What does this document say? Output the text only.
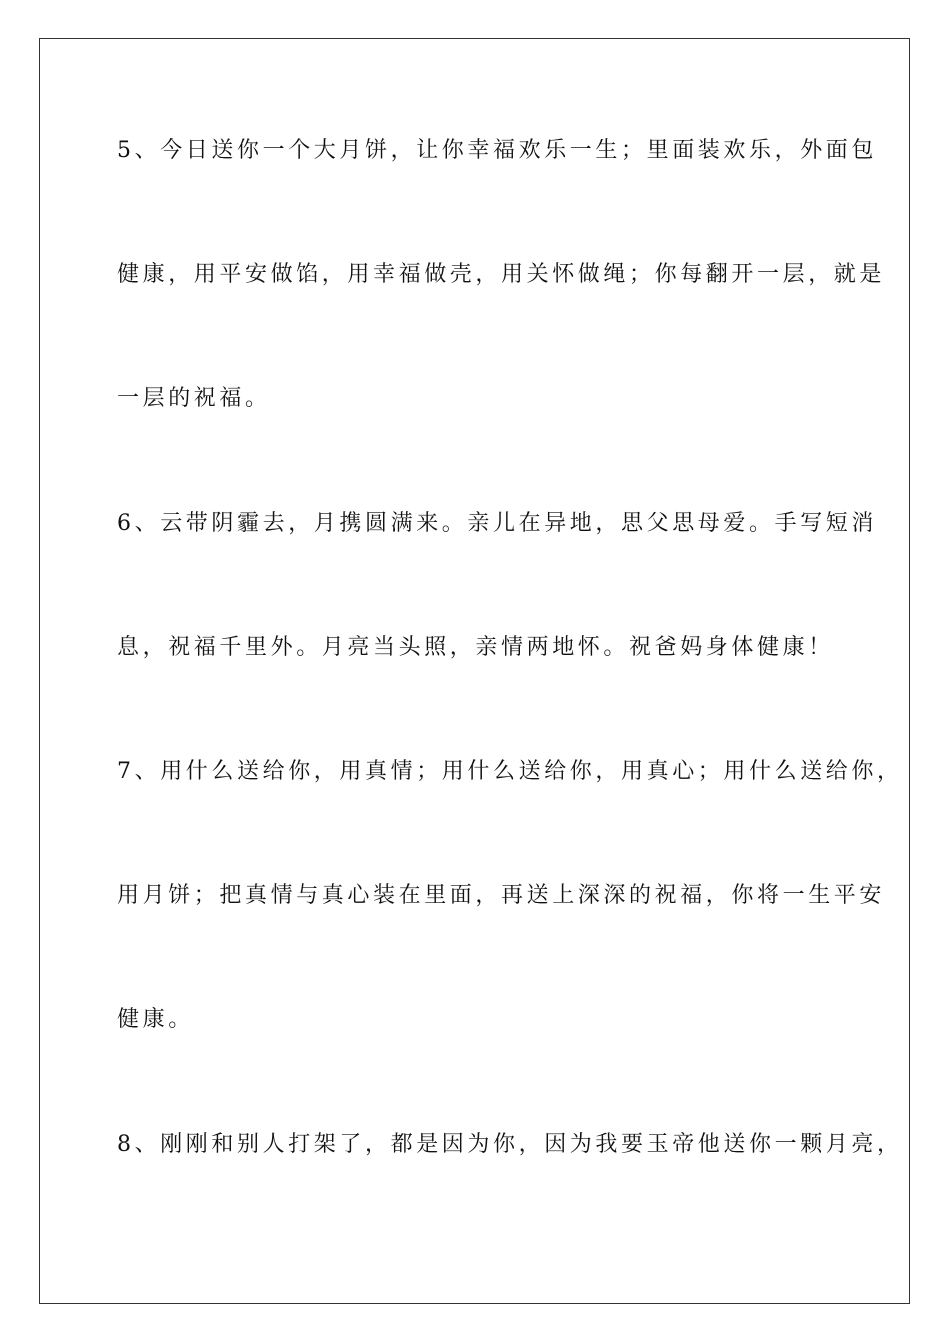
5、今日送你一个大月饼，让你幸福欢乐一生；里面装欢乐，外面包
健康，用平安做馅，用幸福做壳，用关怀做绳；你每翻开一层，就是
一层的祝福。
6、云带阴霾去，月携圆满来。亲儿在异地，思父思母爱。手写短消
息，祝福千里外。月亮当头照，亲情两地怀。祝爸妈身体健康！
7、用什么送给你，用真情；用什么送给你，用真心；用什么送给你，
用月饼；把真情与真心装在里面，再送上深深的祝福，你将一生平安
健康。
8、刚刚和别人打架了，都是因为你，因为我要玉帝他送你一颗月亮，
